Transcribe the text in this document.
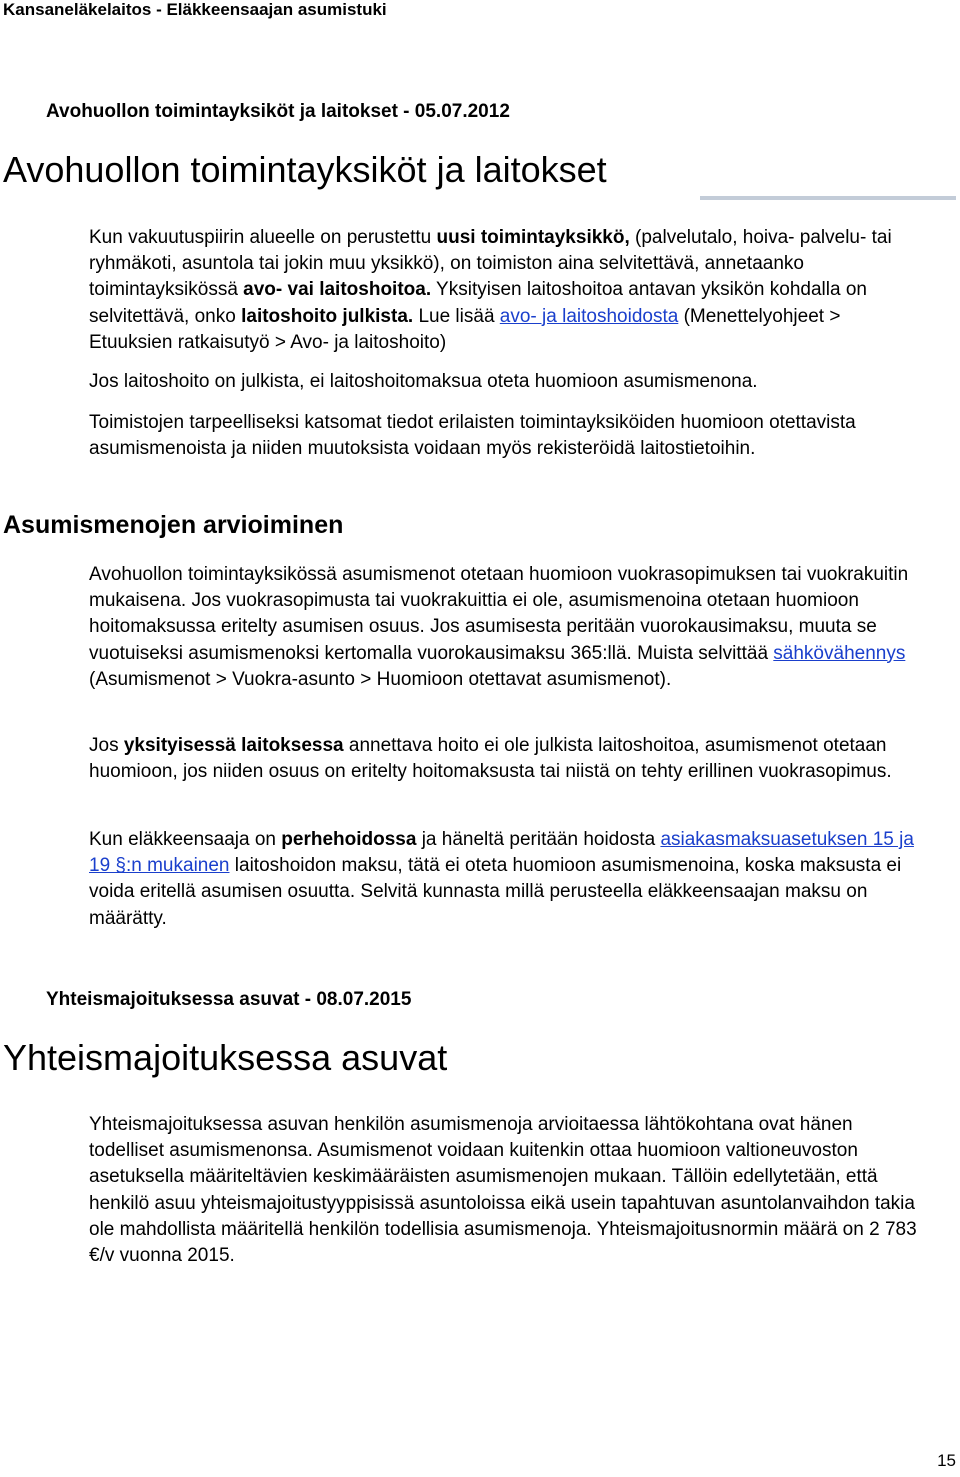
Kansaneläkelaitos - Eläkkeensaajan asumistuki
Avohuollon toimintayksiköt ja laitokset - 05.07.2012
Avohuollon toimintayksiköt ja laitokset
Kun vakuutuspiirin alueelle on perustettu uusi toimintayksikkö, (palvelutalo, hoiva- palvelu- tai ryhmäkoti, asuntola tai jokin muu yksikkö), on toimiston aina selvitettävä, annetaanko toimintayksikössä avo- vai laitoshoitoa. Yksityisen laitoshoitoa antavan yksikön kohdalla on selvitettävä, onko laitoshoito julkista. Lue lisää avo- ja laitoshoidosta (Menettelyohjeet > Etuuksien ratkaisutyö > Avo- ja laitoshoito)
Jos laitoshoito on julkista, ei laitoshoitomaksua oteta huomioon asumismenona.
Toimistojen tarpeelliseksi katsomat tiedot erilaisten toimintayksiköiden huomioon otettavista asumismenoista ja niiden muutoksista voidaan myös rekisteröidä laitostietoihin.
Asumismenojen arvioiminen
Avohuollon toimintayksikössä asumismenot otetaan huomioon vuokrasopimuksen tai vuokrakuitin mukaisena. Jos vuokrasopimusta tai vuokrakuittia ei ole, asumismenoina otetaan huomioon hoitomaksussa eritelty asumisen osuus. Jos asumisesta peritään vuorokausimaksu, muuta se vuotuiseksi asumismenoksi kertomalla vuorokausimaksu 365:llä. Muista selvittää sähkövähennys (Asumismenot > Vuokra-asunto > Huomioon otettavat asumismenot).
Jos yksityisessä laitoksessa annettava hoito ei ole julkista laitoshoitoa, asumismenot otetaan huomioon, jos niiden osuus on eritelty hoitomaksusta tai niistä on tehty erillinen vuokrasopimus.
Kun eläkkeensaaja on perhehoidossa ja häneltä peritään hoidosta asiakasmaksuasetuksen 15 ja 19 §:n mukainen laitoshoidon maksu, tätä ei oteta huomioon asumismenoina, koska maksusta ei voida eritellä asumisen osuutta. Selvitä kunnasta millä perusteella eläkkeensaajan maksu on määrätty.
Yhteismajoituksessa asuvat - 08.07.2015
Yhteismajoituksessa asuvat
Yhteismajoituksessa asuvan henkilön asumismenoja arvioitaessa lähtökohtana ovat hänen todelliset asumismenonsa. Asumismenot voidaan kuitenkin ottaa huomioon valtioneuvoston asetuksella määriteltävien keskimääräisten asumismenojen mukaan. Tällöin edellytetään, että henkilö asuu yhteismajoitustyyppisissä asuntoloissa eikä usein tapahtuvan asuntolanvaihdon takia ole mahdollista määritellä henkilön todellisia asumismenoja. Yhteismajoitusnormin määrä on 2 783 €/v vuonna 2015.
15
